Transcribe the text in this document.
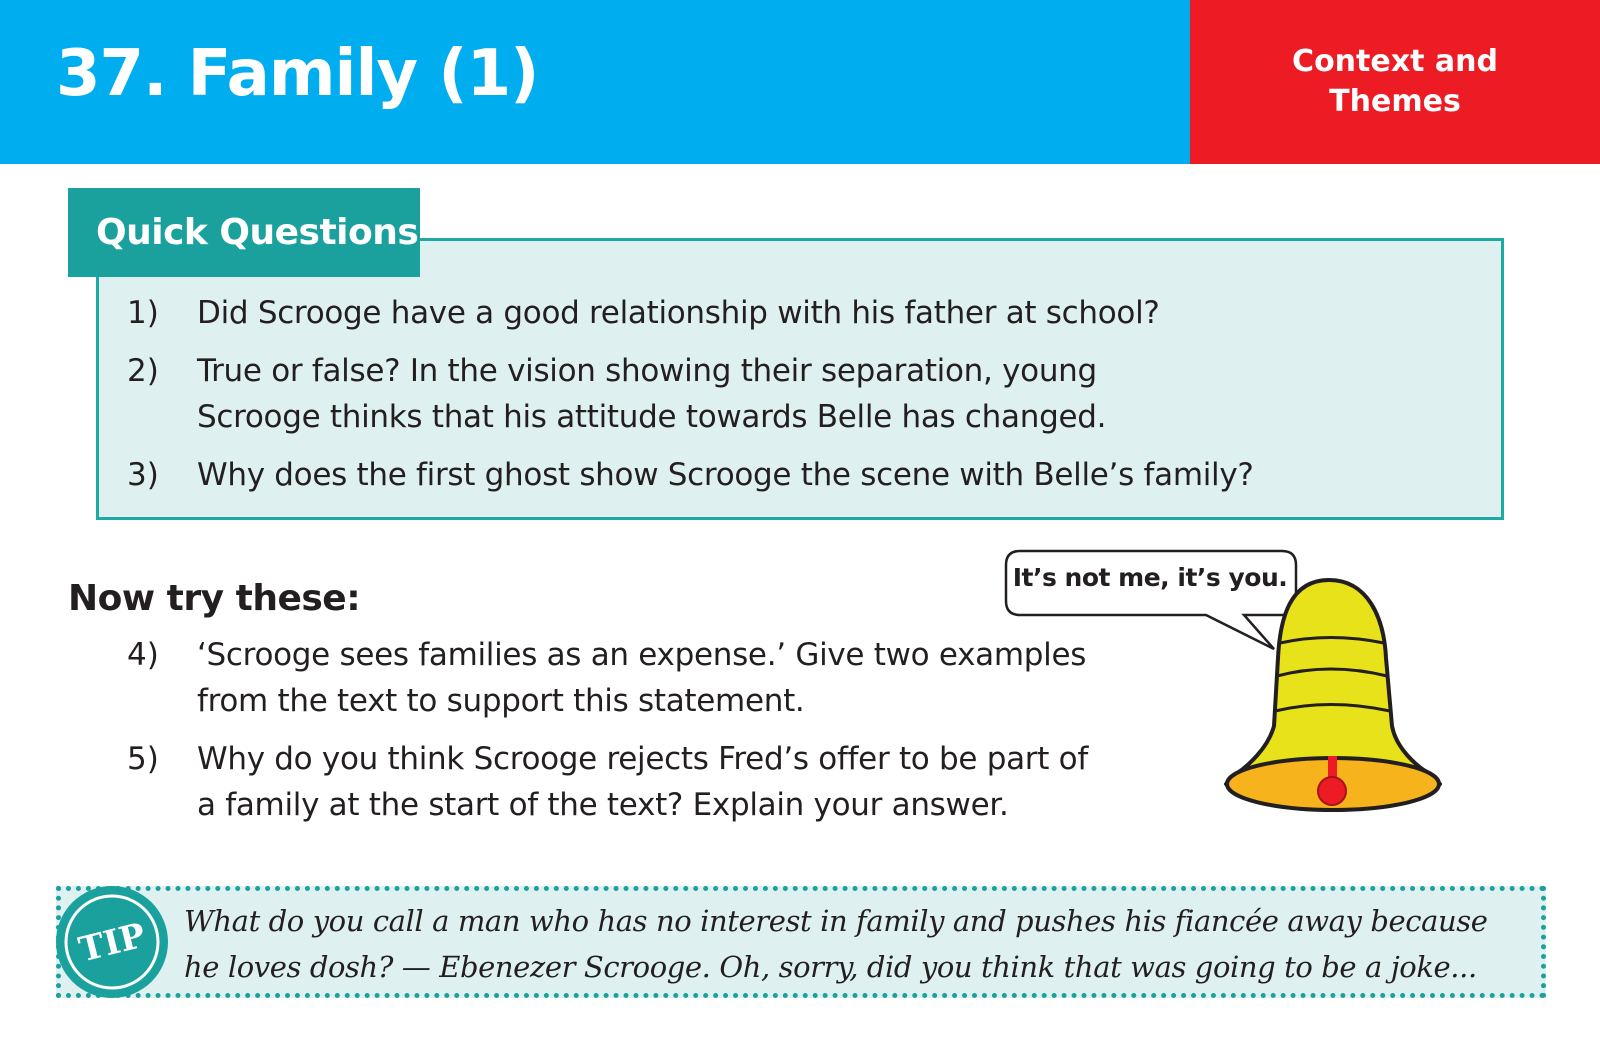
37. Family (1)	Context and
Themes
Quick Questions
1) Did Scrooge have a good relationship with his father at school?
2) True or false? In the vision showing their separation, young
Scrooge thinks that his attitude towards Belle has changed.
3) Why does the first ghost show Scrooge the scene with Belle’s family?
Now try these:
4) ‘Scrooge sees families as an expense.’ Give two examples
from the text to support this statement.
5) Why do you think Scrooge rejects Fred’s offer to be part of
a family at the start of the text? Explain your answer.
It’s not me, it’s you.
TIP What do you call a man who has no interest in family and pushes his fiancée away because
he loves dosh? — Ebenezer Scrooge. Oh, sorry, did you think that was going to be a joke...
